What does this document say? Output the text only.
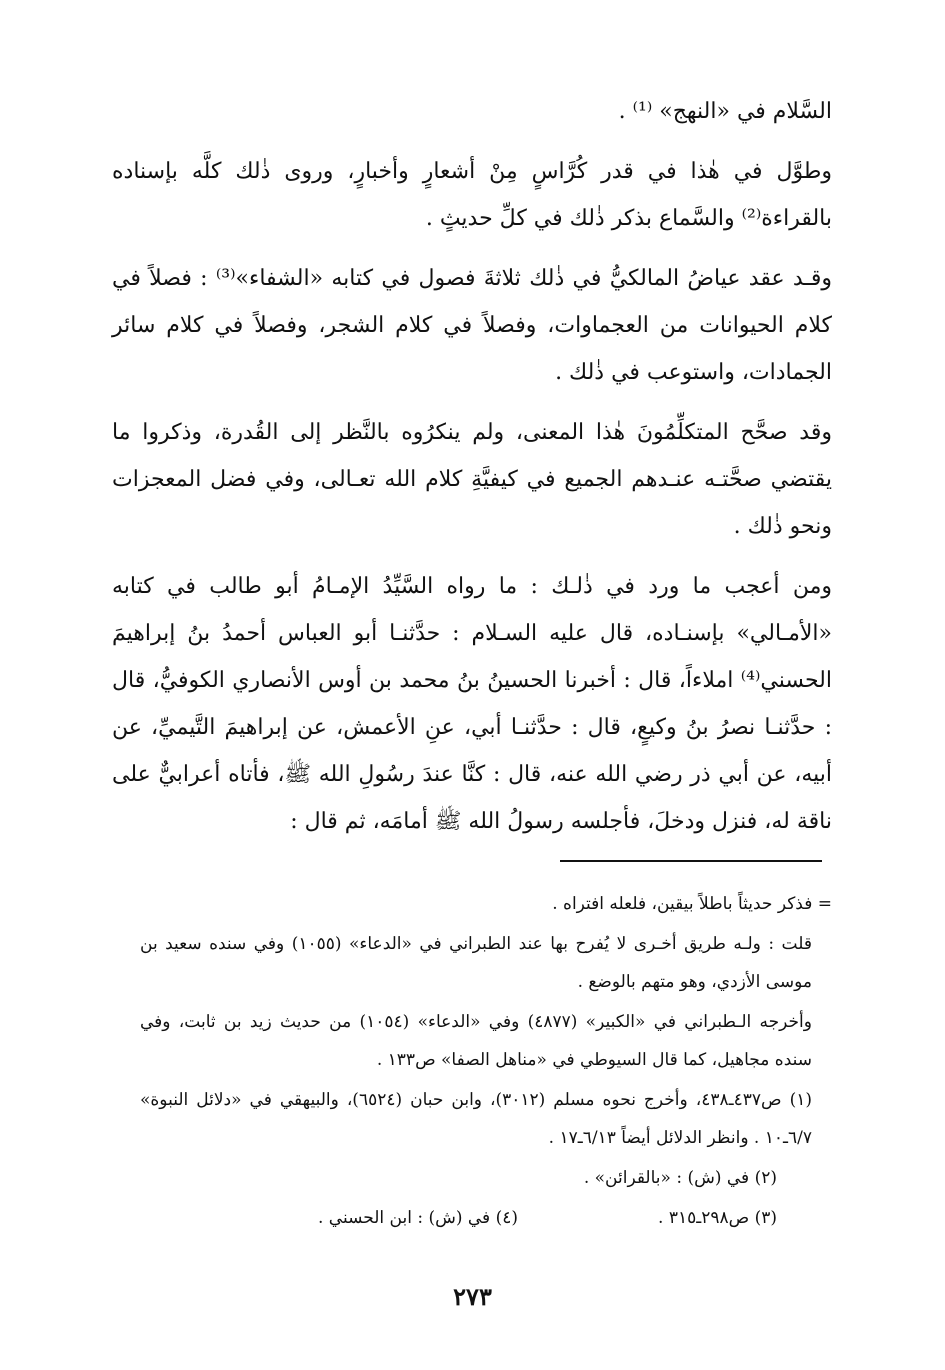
السَّلام في «النهج» ⁽¹⁾ .

وطوَّل في هٰذا في قدر كُرَّاسٍ مِنْ أشعارٍ وأخبارٍ، وروى ذٰلك كلَّه بإسناده بالقراءة⁽²⁾ والسَّماع بذكر ذٰلك في كلِّ حديثٍ .

وقـد عقد عياضُ المالكيُّ في ذٰلك ثلاثةَ فصول في كتابه «الشفاء»⁽³⁾ : فصلاً في كلام الحيوانات من العجماوات، وفصلاً في كلام الشجر، وفصلاً في كلام سائر الجمادات، واستوعب في ذٰلك .

وقد صحَّح المتكلِّمُونَ هٰذا المعنى، ولم ينكرُوه بالنَّظر إلى القُدرة، وذكروا ما يقتضي صحَّتـه عنـدهم الجميع في كيفيَّةِ كلام الله تعـالى، وفي فضل المعجزات ونحو ذٰلك .

ومن أعجب ما ورد في ذٰلـك : ما رواه السَّيِّدُ الإمـامُ أبو طالب في كتابه «الأمـالي» بإسنـاده، قال عليه السـلام : حدَّثنـا أبو العباس أحمدُ بنُ إبراهيمَ الحسني⁽⁴⁾ املاءاً، قال : أخبرنا الحسينُ بنُ محمد بن أوس الأنصاري الكوفيُّ، قال : حدَّثنـا نصرُ بنُ وكيعٍ، قال : حدَّثنـا أبي، عنِ الأعمش، عن إبراهيمَ التَّيميِّ، عن أبيه، عن أبي ذر رضي الله عنه، قال : كنَّا عندَ رسُولِ الله ﷺ، فأتاه أعرابيٌّ على ناقة له، فنزل ودخلَ، فأجلسه رسولُ الله ﷺ أمامَه، ثم قال :

= فذكر حديثاً باطلاً بيقين، فلعله افتراه .

قلت : ولـه طريق أخـرى لا يُفرح بها عند الطبراني في «الدعاء» (١٠٥٥) وفي سنده سعيد بن موسى الأزدي، وهو متهم بالوضع .

وأخرجه الـطبراني في «الكبير» (٤٨٧٧) وفي «الدعاء» (١٠٥٤) من حديث زيد بن ثابت، وفي سنده مجاهيل، كما قال السيوطي في «مناهل الصفا» ص١٣٣ .

(١) ص٤٣٧ـ٤٣٨، وأخرج نحوه مسلم (٣٠١٢)، وابن حبان (٦٥٢٤)، والبيهقي في «دلائل النبوة» ٦/٧ـ١٠ . وانظر الدلائل أيضاً ٦/١٣ـ١٧ .

(٢) في (ش) : «بالقرائن» .

(٣) ص٢٩٨ـ٣١٥ .
(٤) في (ش) : ابن الحسني .
٢٧٣
